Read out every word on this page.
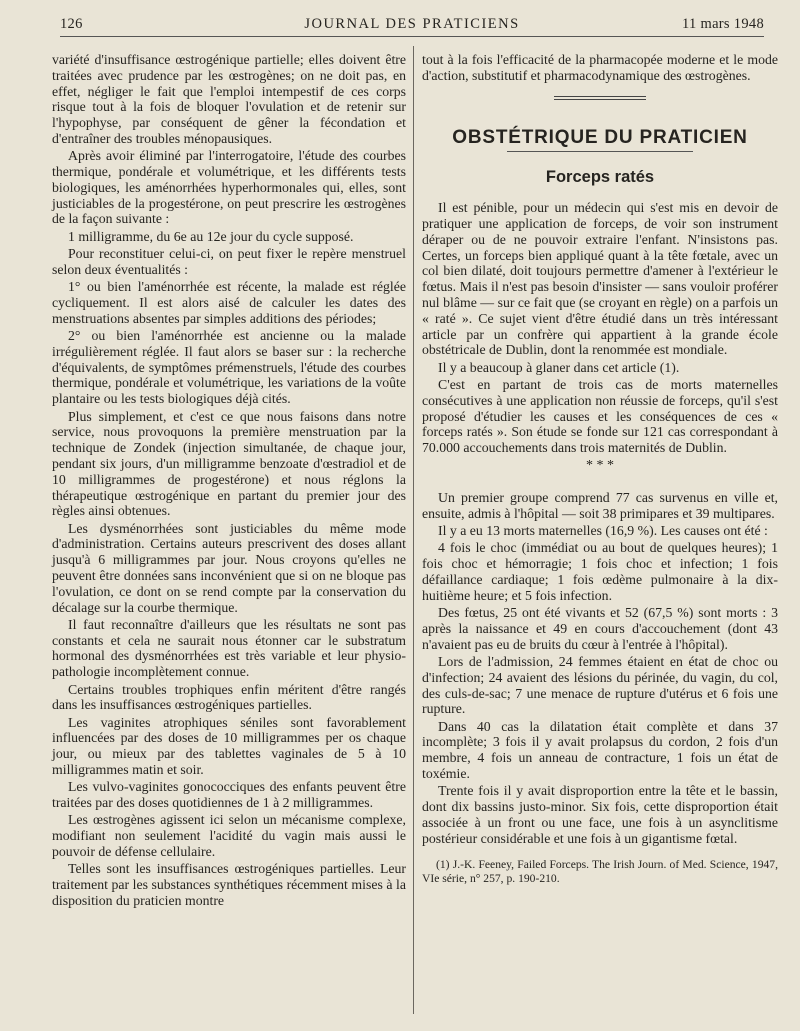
126	JOURNAL DES PRATICIENS	11 mars 1948

variété d'insuffisance œstrogénique partielle; elles doivent être traitées avec prudence par les œstrogènes; on ne doit pas, en effet, négliger le fait que l'emploi intempestif de ces corps risque tout à la fois de bloquer l'ovulation et de retenir sur l'hypophyse, par conséquent de gêner la fécondation et d'entraîner des troubles ménopausiques.

Après avoir éliminé par l'interrogatoire, l'étude des courbes thermique, pondérale et volumétrique, et les différents tests biologiques, les aménorrhées hyperhormonales qui, elles, sont justiciables de la progestérone, on peut prescrire les œstrogènes de la façon suivante :

1 milligramme, du 6e au 12e jour du cycle supposé.

Pour reconstituer celui-ci, on peut fixer le repère menstruel selon deux éventualités :

1° ou bien l'aménorrhée est récente, la malade est réglée cycliquement. Il est alors aisé de calculer les dates des menstruations absentes par simples additions des périodes;

2° ou bien l'aménorrhée est ancienne ou la malade irrégulièrement réglée. Il faut alors se baser sur : la recherche d'équivalents, de symptômes prémenstruels, l'étude des courbes thermique, pondérale et volumétrique, les variations de la voûte plantaire ou les tests biologiques déjà cités.

Plus simplement, et c'est ce que nous faisons dans notre service, nous provoquons la première menstruation par la technique de Zondek (injection simultanée, de chaque jour, pendant six jours, d'un milligramme benzoate d'œstradiol et de 10 milligrammes de progestérone) et nous réglons la thérapeutique œstrogénique en partant du premier jour des règles ainsi obtenues.

Les dysménorrhées sont justiciables du même mode d'administration. Certains auteurs prescrivent des doses allant jusqu'à 6 milligrammes par jour. Nous croyons qu'elles ne peuvent être données sans inconvénient que si on ne bloque pas l'ovulation, ce dont on se rend compte par la conservation du décalage sur la courbe thermique.

Il faut reconnaître d'ailleurs que les résultats ne sont pas constants et cela ne saurait nous étonner car le substratum hormonal des dysménorrhées est très variable et leur physio-pathologie incomplètement connue.

Certains troubles trophiques enfin méritent d'être rangés dans les insuffisances œstrogéniques partielles.

Les vaginites atrophiques séniles sont favorablement influencées par des doses de 10 milligrammes per os chaque jour, ou mieux par des tablettes vaginales de 5 à 10 milligrammes matin et soir.

Les vulvo-vaginites gonococciques des enfants peuvent être traitées par des doses quotidiennes de 1 à 2 milligrammes.

Les œstrogènes agissent ici selon un mécanisme complexe, modifiant non seulement l'acidité du vagin mais aussi le pouvoir de défense cellulaire.

Telles sont les insuffisances œstrogéniques partielles. Leur traitement par les substances synthétiques récemment mises à la disposition du praticien montre

tout à la fois l'efficacité de la pharmacopée moderne et le mode d'action, substitutif et pharmacodynamique des œstrogènes.

OBSTÉTRIQUE DU PRATICIEN
Forceps ratés

Il est pénible, pour un médecin qui s'est mis en devoir de pratiquer une application de forceps, de voir son instrument déraper ou de ne pouvoir extraire l'enfant. N'insistons pas. Certes, un forceps bien appliqué quant à la tête fœtale, avec un col bien dilaté, doit toujours permettre d'amener à l'extérieur le fœtus. Mais il n'est pas besoin d'insister — sans vouloir proférer nul blâme — sur ce fait que (se croyant en règle) on a parfois un « raté ». Ce sujet vient d'être étudié dans un très intéressant article par un confrère qui appartient à la grande école obstétricale de Dublin, dont la renommée est mondiale.

Il y a beaucoup à glaner dans cet article (1).

C'est en partant de trois cas de morts maternelles consécutives à une application non réussie de forceps, qu'il s'est proposé d'étudier les causes et les conséquences de ces « forceps ratés ». Son étude se fonde sur 121 cas correspondant à 70.000 accouchements dans trois maternités de Dublin.

* * *

Un premier groupe comprend 77 cas survenus en ville et, ensuite, admis à l'hôpital — soit 38 primipares et 39 multipares.

Il y a eu 13 morts maternelles (16,9 %). Les causes ont été :

4 fois le choc (immédiat ou au bout de quelques heures); 1 fois choc et hémorragie; 1 fois choc et infection; 1 fois défaillance cardiaque; 1 fois œdème pulmonaire à la dix-huitième heure; et 5 fois infection.

Des fœtus, 25 ont été vivants et 52 (67,5 %) sont morts : 3 après la naissance et 49 en cours d'accouchement (dont 43 n'avaient pas eu de bruits du cœur à l'entrée à l'hôpital).

Lors de l'admission, 24 femmes étaient en état de choc ou d'infection; 24 avaient des lésions du périnée, du vagin, du col, des culs-de-sac; 7 une menace de rupture d'utérus et 6 fois une rupture.

Dans 40 cas la dilatation était complète et dans 37 incomplète; 3 fois il y avait prolapsus du cordon, 2 fois d'un membre, 4 fois un anneau de contracture, 1 fois un état de toxémie.

Trente fois il y avait disproportion entre la tête et le bassin, dont dix bassins justo-minor. Six fois, cette disproportion était associée à un front ou une face, une fois à un asynclitisme postérieur considérable et une fois à un gigantisme fœtal.

(1) J.-K. Feeney, Failed Forceps. The Irish Journ. of Med. Science, 1947, VIe série, n° 257, p. 190-210.
